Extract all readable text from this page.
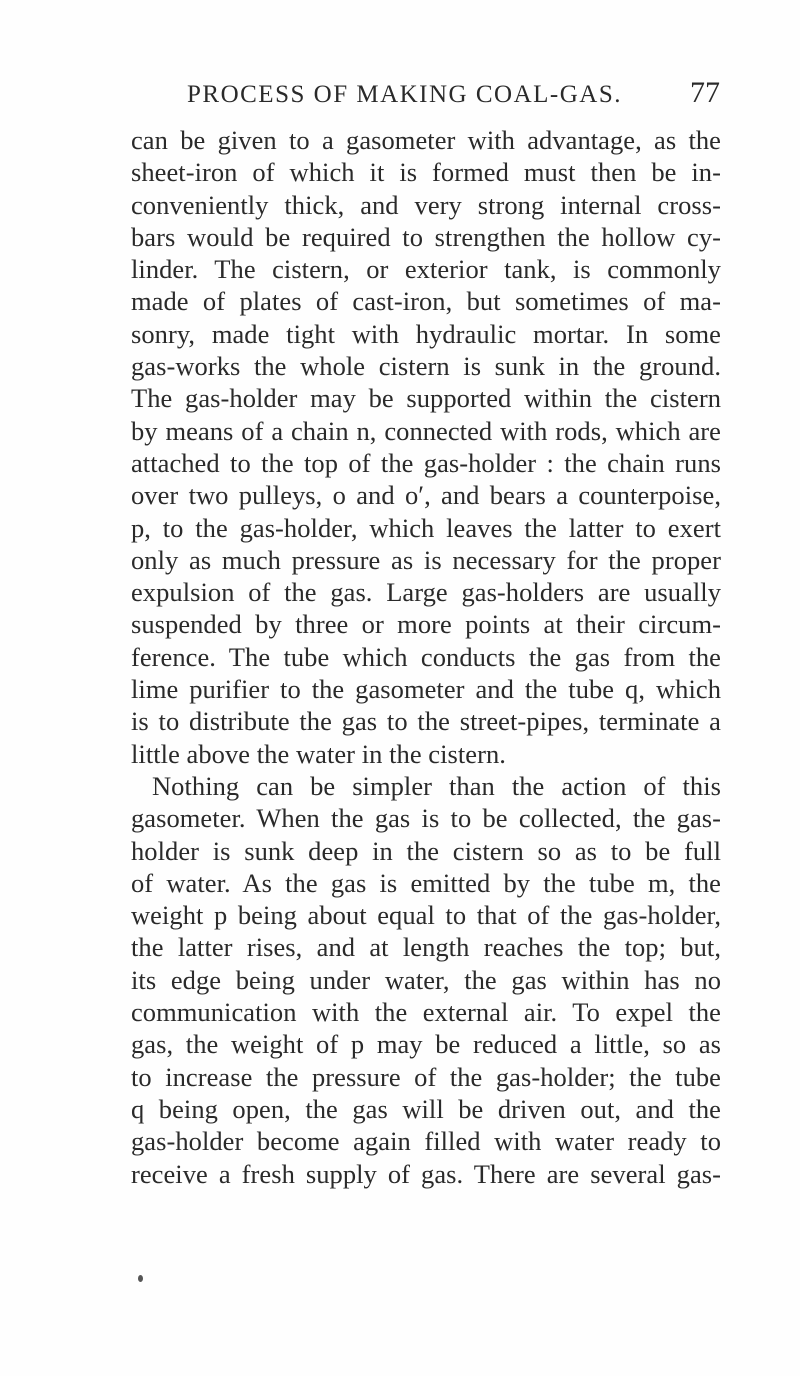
PROCESS OF MAKING COAL-GAS. 77
can be given to a gasometer with advantage, as the
sheet-iron of which it is formed must then be in-
conveniently thick, and very strong internal cross-
bars would be required to strengthen the hollow cy-
linder. The cistern, or exterior tank, is commonly
made of plates of cast-iron, but sometimes of ma-
sonry, made tight with hydraulic mortar. In some
gas-works the whole cistern is sunk in the ground.
The gas-holder may be supported within the cistern
by means of a chain n, connected with rods, which are
attached to the top of the gas-holder : the chain runs
over two pulleys, o and o′, and bears a counterpoise,
p, to the gas-holder, which leaves the latter to exert
only as much pressure as is necessary for the proper
expulsion of the gas. Large gas-holders are usually
suspended by three or more points at their circum-
ference. The tube which conducts the gas from the
lime purifier to the gasometer and the tube q, which
is to distribute the gas to the street-pipes, terminate a
little above the water in the cistern.
Nothing can be simpler than the action of this
gasometer. When the gas is to be collected, the gas-
holder is sunk deep in the cistern so as to be full
of water. As the gas is emitted by the tube m, the
weight p being about equal to that of the gas-holder,
the latter rises, and at length reaches the top; but,
its edge being under water, the gas within has no
communication with the external air. To expel the
gas, the weight of p may be reduced a little, so as
to increase the pressure of the gas-holder; the tube
q being open, the gas will be driven out, and the
gas-holder become again filled with water ready to
receive a fresh supply of gas. There are several gas-
